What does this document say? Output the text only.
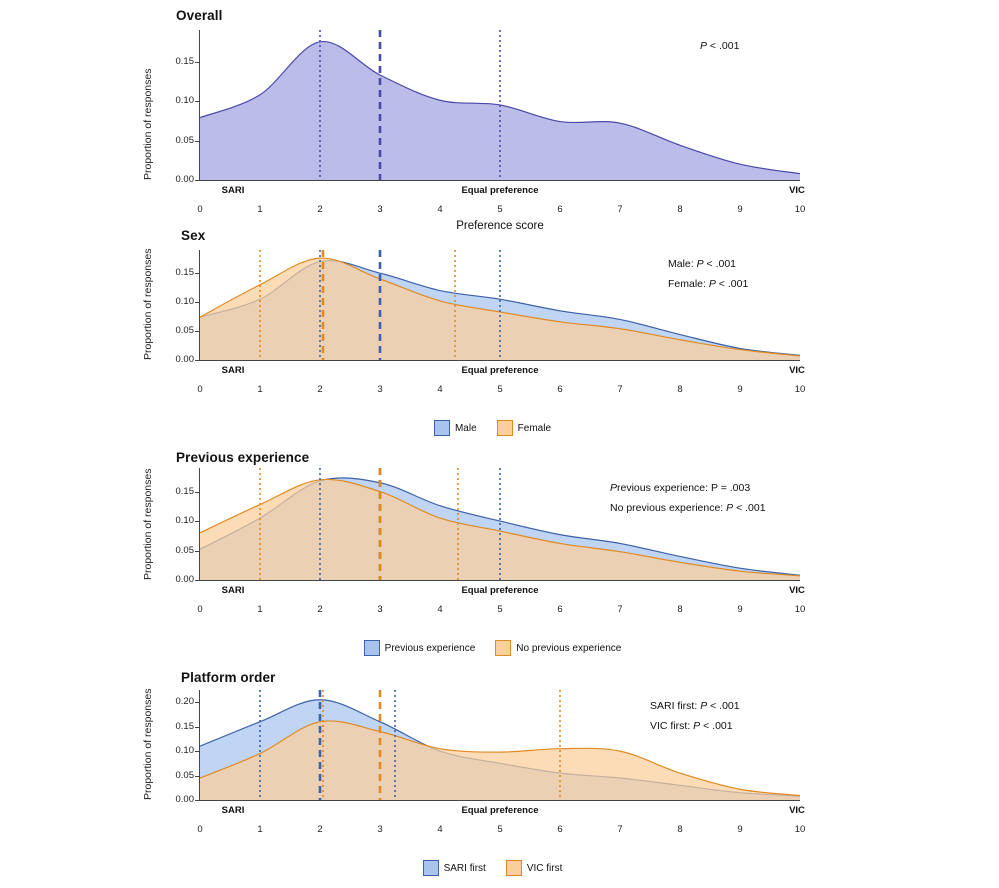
Overall
Proportion of responses	0.00
0.05
0.10
0.15
0	1	2	3	4	5	6	7	8	9	10
SARI	Equal preference	VIC
Preference score
P < .001
Sex
Proportion of responses	0.00
0.05
0.10
0.15
0	1	2	3	4	5	6	7	8	9	10
SARI	Equal preference	VIC
Male: P < .001
Female: P < .001
Male	Female
Previous experience
Proportion of responses	0.00
0.05
0.10
0.15
0	1	2	3	4	5	6	7	8	9	10
SARI	Equal preference	VIC
Previous experience: P = .003
No previous experience: P < .001
Previous experience	No previous experience
Platform order
Proportion of responses	0.00
0.05
0.10
0.15
0.20
0	1	2	3	4	5	6	7	8	9	10
SARI	Equal preference	VIC
SARI first: P < .001
VIC first: P < .001
SARI first	VIC first
